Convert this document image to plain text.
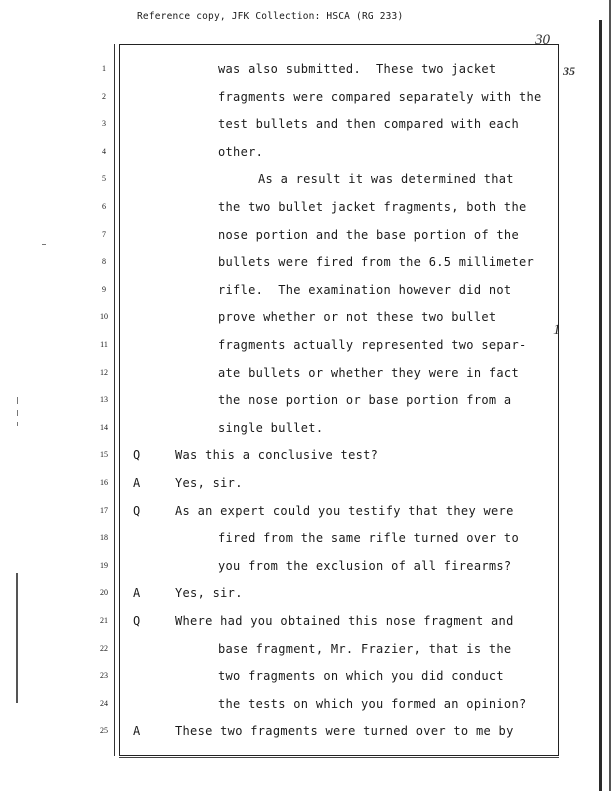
Reference copy, JFK Collection: HSCA (RG 233)
30
35
1
1	was also submitted.  These two jacket
2	fragments were compared separately with the
3	test bullets and then compared with each
4	other.
5	As a result it was determined that
6	the two bullet jacket fragments, both the
7	nose portion and the base portion of the
8	bullets were fired from the 6.5 millimeter
9	rifle.  The examination however did not
10	prove whether or not these two bullet
11	fragments actually represented two separ-
12	ate bullets or whether they were in fact
13	the nose portion or base portion from a
14	single bullet.
15 Q	Was this a conclusive test?
16 A	Yes, sir.
17 Q	As an expert could you testify that they were
18	fired from the same rifle turned over to
19	you from the exclusion of all firearms?
20 A	Yes, sir.
21 Q	Where had you obtained this nose fragment and
22	base fragment, Mr. Frazier, that is the
23	two fragments on which you did conduct
24	the tests on which you formed an opinion?
25 A	These two fragments were turned over to me by
